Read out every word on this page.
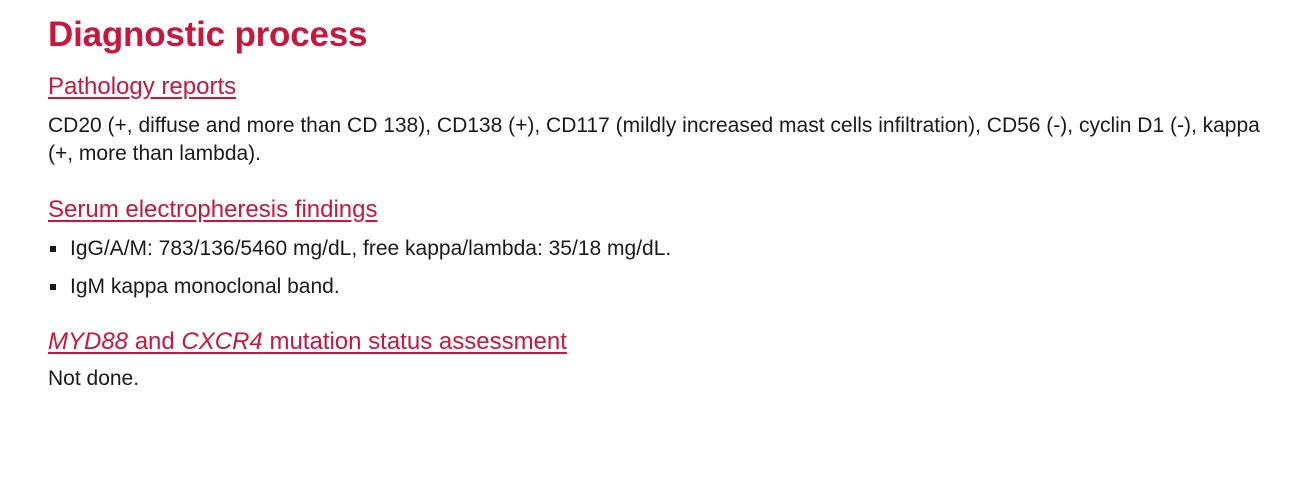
Diagnostic process
Pathology reports

CD20 (+, diffuse and more than CD 138), CD138 (+), CD117 (mildly increased mast cells infiltration), CD56 (-), cyclin D1 (-), kappa (+, more than lambda).

Serum electropheresis findings
IgG/A/M: 783/136/5460 mg/dL, free kappa/lambda: 35/18 mg/dL.
IgM kappa monoclonal band.
MYD88 and CXCR4 mutation status assessment

Not done.
